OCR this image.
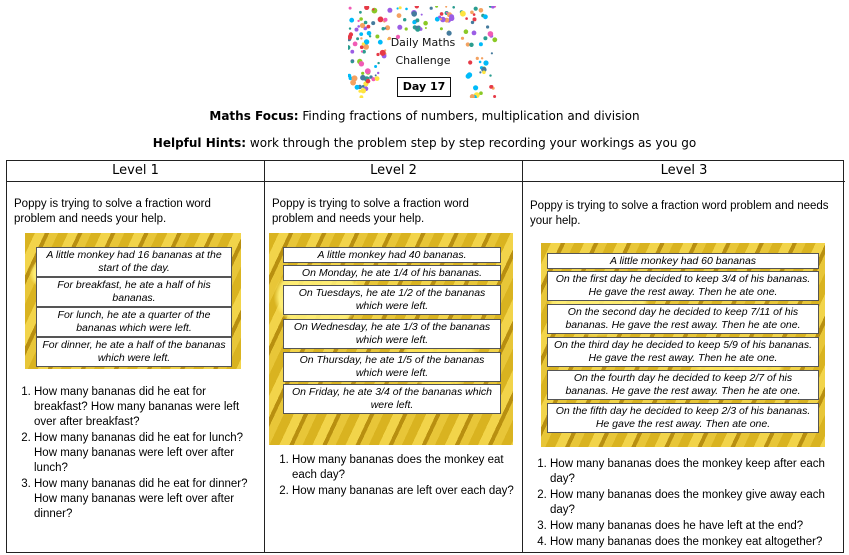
Daily Maths
Challenge
Day 17
Maths Focus: Finding fractions of numbers, multiplication and division
Helpful Hints: work through the problem step by step recording your workings as you go
Level 1
Poppy is trying to solve a fraction word problem and needs your help.
A little monkey had 16 bananas at the start of the day.
For breakfast, he ate a half of his bananas.
For lunch, he ate a quarter of the bananas which were left.
For dinner, he ate a half of the bananas which were left.
1. How many bananas did he eat for breakfast? How many bananas were left over after breakfast?
2. How many bananas did he eat for lunch? How many bananas were left over after lunch?
3. How many bananas did he eat for dinner? How many bananas were left over after dinner?
Level 2
Poppy is trying to solve a fraction word problem and needs your help.
A little monkey had 40 bananas.
On Monday, he ate 1/4 of his bananas.
On Tuesdays, he ate 1/2 of the bananas which were left.
On Wednesday, he ate 1/3 of the bananas which were left.
On Thursday, he ate 1/5 of the bananas which were left.
On Friday, he ate 3/4 of the bananas which were left.
1. How many bananas does the monkey eat each day?
2. How many bananas are left over each day?
Level 3
Poppy is trying to solve a fraction word problem and needs your help.
A little monkey had 60 bananas
On the first day he decided to keep 3/4 of his bananas. He gave the rest away. Then he ate one.
On the second day he decided to keep 7/11 of his bananas. He gave the rest away. Then he ate one.
On the third day he decided to keep 5/9 of his bananas. He gave the rest away. Then he ate one.
On the fourth day he decided to keep 2/7 of his bananas. He gave the rest away. Then he ate one.
On the fifth day he decided to keep 2/3 of his bananas. He gave the rest away. Then ate one.
1. How many bananas does the monkey keep after each day?
2. How many bananas does the monkey give away each day?
3. How many bananas does he have left at the end?
4. How many bananas does the monkey eat altogether?
